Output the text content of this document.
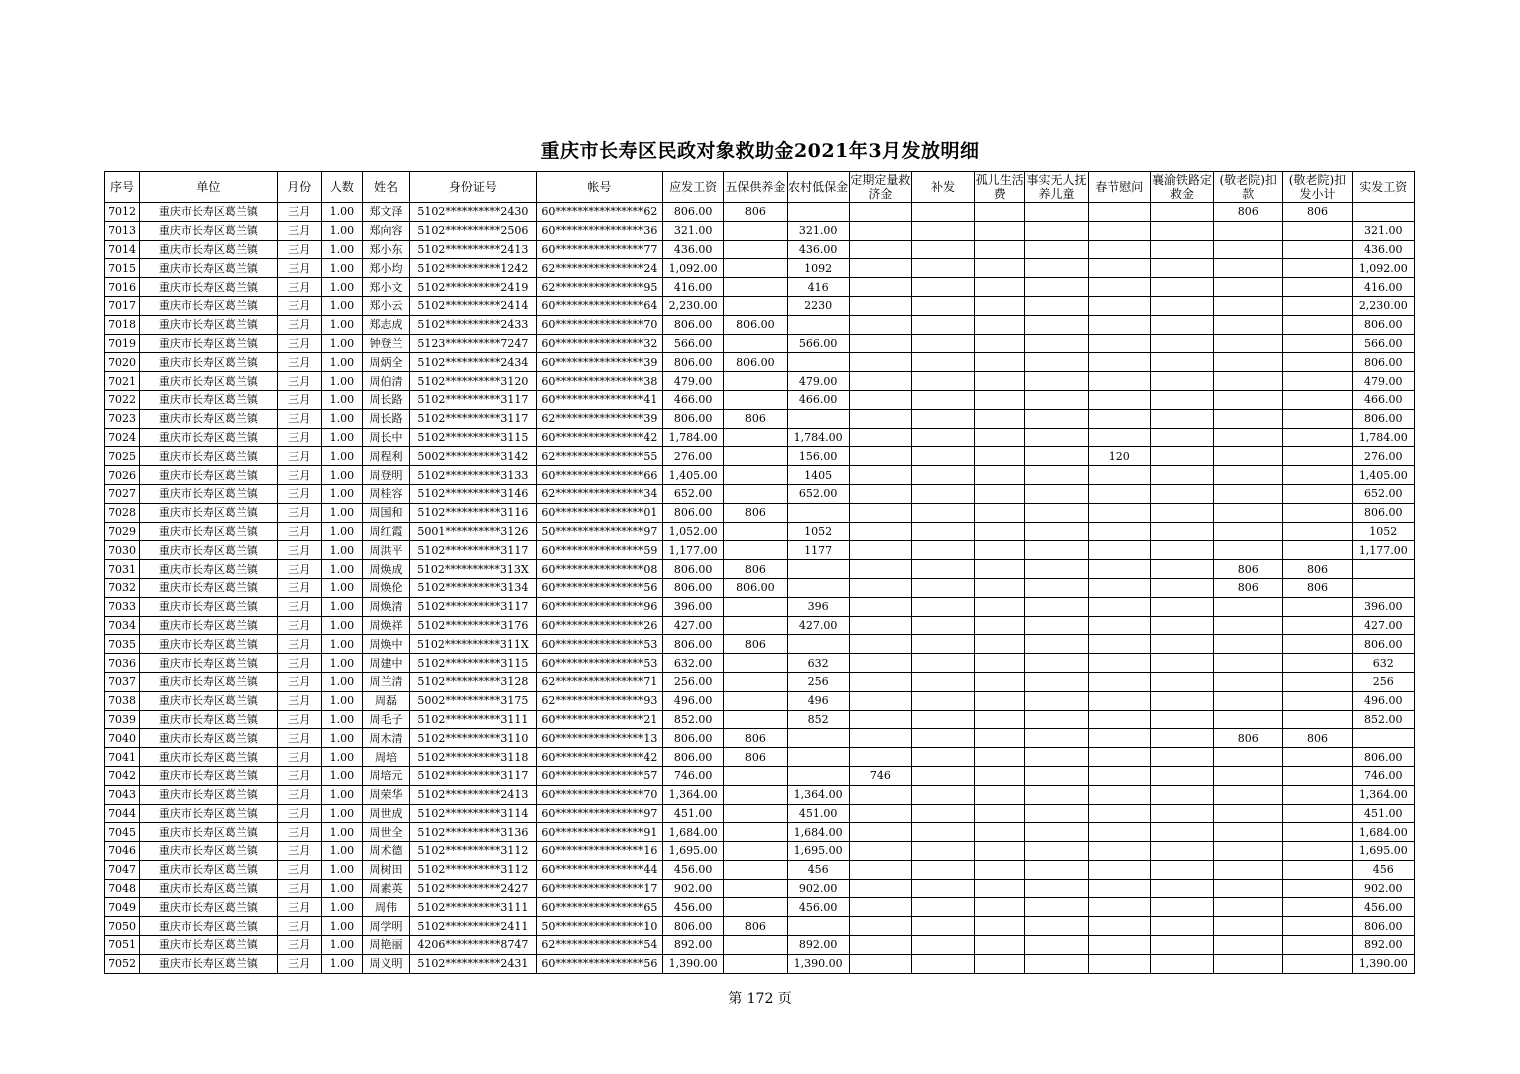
重庆市长寿区民政对象救助金2021年3月发放明细
序号	单位	月份	人数	姓名	身份证号	帐号	应发工资	五保供养金	农村低保金	定期定量救济金	补发	孤儿生活费	事实无人抚养儿童	春节慰问	襄渝铁路定救金	(敬老院)扣款	(敬老院)扣发小计	实发工资
7012	重庆市长寿区葛兰镇	三月	1.00	郑文泽	5102**********2430	60****************62	806.00	806								806	806	
7013	重庆市长寿区葛兰镇	三月	1.00	郑向容	5102**********2506	60****************36	321.00		321.00									321.00
7014	重庆市长寿区葛兰镇	三月	1.00	郑小东	5102**********2413	60****************77	436.00		436.00									436.00
7015	重庆市长寿区葛兰镇	三月	1.00	郑小均	5102**********1242	62****************24	1,092.00		1092									1,092.00
7016	重庆市长寿区葛兰镇	三月	1.00	郑小文	5102**********2419	62****************95	416.00		416									416.00
7017	重庆市长寿区葛兰镇	三月	1.00	郑小云	5102**********2414	60****************64	2,230.00		2230									2,230.00
7018	重庆市长寿区葛兰镇	三月	1.00	郑志成	5102**********2433	60****************70	806.00	806.00										806.00
7019	重庆市长寿区葛兰镇	三月	1.00	钟登兰	5123**********7247	60****************32	566.00		566.00									566.00
7020	重庆市长寿区葛兰镇	三月	1.00	周炳全	5102**********2434	60****************39	806.00	806.00										806.00
7021	重庆市长寿区葛兰镇	三月	1.00	周伯清	5102**********3120	60****************38	479.00		479.00									479.00
7022	重庆市长寿区葛兰镇	三月	1.00	周长路	5102**********3117	60****************41	466.00		466.00									466.00
7023	重庆市长寿区葛兰镇	三月	1.00	周长路	5102**********3117	62****************39	806.00	806										806.00
7024	重庆市长寿区葛兰镇	三月	1.00	周长中	5102**********3115	60****************42	1,784.00		1,784.00									1,784.00
7025	重庆市长寿区葛兰镇	三月	1.00	周程利	5002**********3142	62****************55	276.00		156.00					120				276.00
7026	重庆市长寿区葛兰镇	三月	1.00	周登明	5102**********3133	60****************66	1,405.00		1405									1,405.00
7027	重庆市长寿区葛兰镇	三月	1.00	周桂容	5102**********3146	62****************34	652.00		652.00									652.00
7028	重庆市长寿区葛兰镇	三月	1.00	周国和	5102**********3116	60****************01	806.00	806										806.00
7029	重庆市长寿区葛兰镇	三月	1.00	周红霞	5001**********3126	50****************97	1,052.00		1052									1052
7030	重庆市长寿区葛兰镇	三月	1.00	周洪平	5102**********3117	60****************59	1,177.00		1177									1,177.00
7031	重庆市长寿区葛兰镇	三月	1.00	周焕成	5102**********313X	60****************08	806.00	806								806	806	
7032	重庆市长寿区葛兰镇	三月	1.00	周焕伦	5102**********3134	60****************56	806.00	806.00								806	806	
7033	重庆市长寿区葛兰镇	三月	1.00	周焕清	5102**********3117	60****************96	396.00		396									396.00
7034	重庆市长寿区葛兰镇	三月	1.00	周焕祥	5102**********3176	60****************26	427.00		427.00									427.00
7035	重庆市长寿区葛兰镇	三月	1.00	周焕中	5102**********311X	60****************53	806.00	806										806.00
7036	重庆市长寿区葛兰镇	三月	1.00	周建中	5102**********3115	60****************53	632.00		632									632
7037	重庆市长寿区葛兰镇	三月	1.00	周兰清	5102**********3128	62****************71	256.00		256									256
7038	重庆市长寿区葛兰镇	三月	1.00	周磊	5002**********3175	62****************93	496.00		496									496.00
7039	重庆市长寿区葛兰镇	三月	1.00	周毛子	5102**********3111	60****************21	852.00		852									852.00
7040	重庆市长寿区葛兰镇	三月	1.00	周木清	5102**********3110	60****************13	806.00	806								806	806	
7041	重庆市长寿区葛兰镇	三月	1.00	周培	5102**********3118	60****************42	806.00	806										806.00
7042	重庆市长寿区葛兰镇	三月	1.00	周培元	5102**********3117	60****************57	746.00			746								746.00
7043	重庆市长寿区葛兰镇	三月	1.00	周荣华	5102**********2413	60****************70	1,364.00		1,364.00									1,364.00
7044	重庆市长寿区葛兰镇	三月	1.00	周世成	5102**********3114	60****************97	451.00		451.00									451.00
7045	重庆市长寿区葛兰镇	三月	1.00	周世全	5102**********3136	60****************91	1,684.00		1,684.00									1,684.00
7046	重庆市长寿区葛兰镇	三月	1.00	周术德	5102**********3112	60****************16	1,695.00		1,695.00									1,695.00
7047	重庆市长寿区葛兰镇	三月	1.00	周树田	5102**********3112	60****************44	456.00		456									456
7048	重庆市长寿区葛兰镇	三月	1.00	周素英	5102**********2427	60****************17	902.00		902.00									902.00
7049	重庆市长寿区葛兰镇	三月	1.00	周伟	5102**********3111	60****************65	456.00		456.00									456.00
7050	重庆市长寿区葛兰镇	三月	1.00	周学明	5102**********2411	50****************10	806.00	806										806.00
7051	重庆市长寿区葛兰镇	三月	1.00	周艳丽	4206**********8747	62****************54	892.00		892.00									892.00
7052	重庆市长寿区葛兰镇	三月	1.00	周义明	5102**********2431	60****************56	1,390.00		1,390.00									1,390.00
第 172 页
